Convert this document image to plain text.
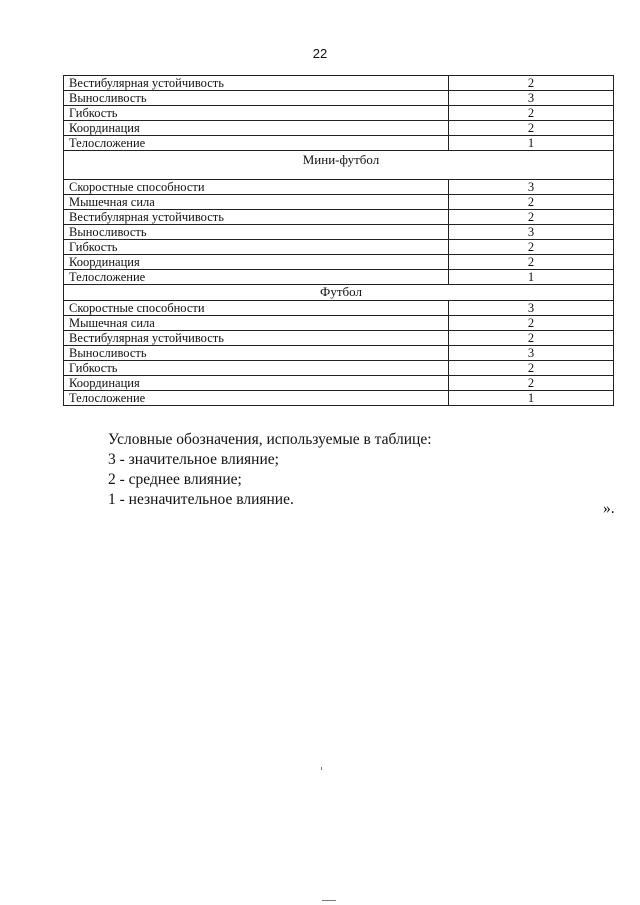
22
Вестибулярная устойчивость	2
Выносливость	3
Гибкость	2
Координация	2
Телосложение	1
Мини-футбол	
Скоростные способности	3
Мышечная сила	2
Вестибулярная устойчивость	2
Выносливость	3
Гибкость	2
Координация	2
Телосложение	1
Футбол	
Скоростные способности	3
Мышечная сила	2
Вестибулярная устойчивость	2
Выносливость	3
Гибкость	2
Координация	2
Телосложение	1
Условные обозначения, используемые в таблице:
3 - значительное влияние;
2 - среднее влияние;
1 - незначительное влияние.
».
